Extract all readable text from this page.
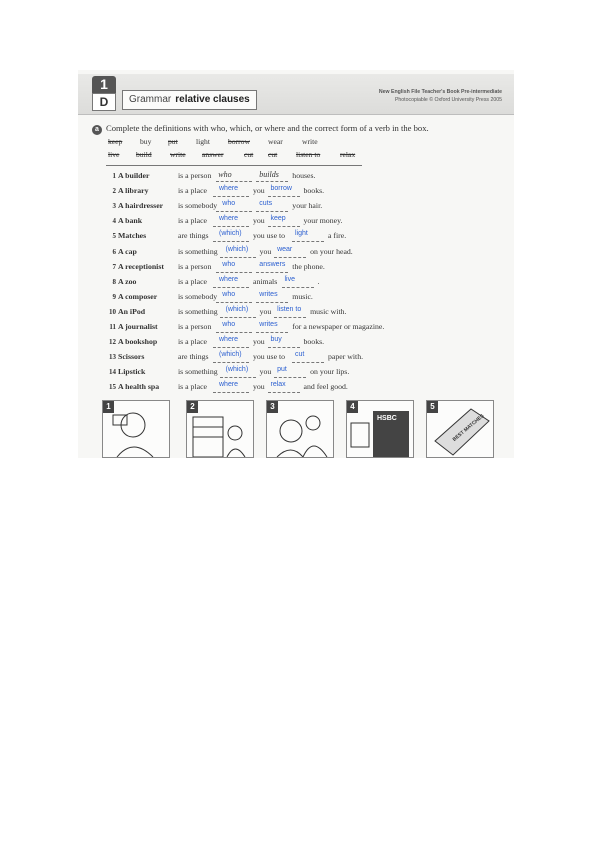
1
D	Grammar relative clauses
New English File Teacher's Book Pre-intermediate
Photocopiable © Oxford University Press 2005
a Complete the definitions with who, which, or where and the correct form of a verb in the box.
keep buy put light borrow wear	write
live build write answer	cut cut listen to	relax
1 A builder	is a person who	builds houses.
2 A library	is a place where you borrow books.
3 A hairdresser is somebody who	cuts	your hair.
4 A bank	is a place where you keep your money.
5 Matches	are things (which) you use to light	a fire.
6 A cap	is something (which) you wear on your head.
7 A receptionist is a person who	answers the phone.
8 A zoo	is a place where animals live	.
9 A composer	is somebody who	writes music.
10 An iPod	is something (which) you listen to music with.
11 A journalist	is a person who	writes for a newspaper or magazine.
12 A bookshop	is a place where you buy	books.
13 Scissors	are things (which) you use to cut	paper with.
14 Lipstick	is something (which) you put	on your lips.
15 A health spa is a place where you relax and feel good.
1	2	3
HSBC
4
BEST MATCHES
5
